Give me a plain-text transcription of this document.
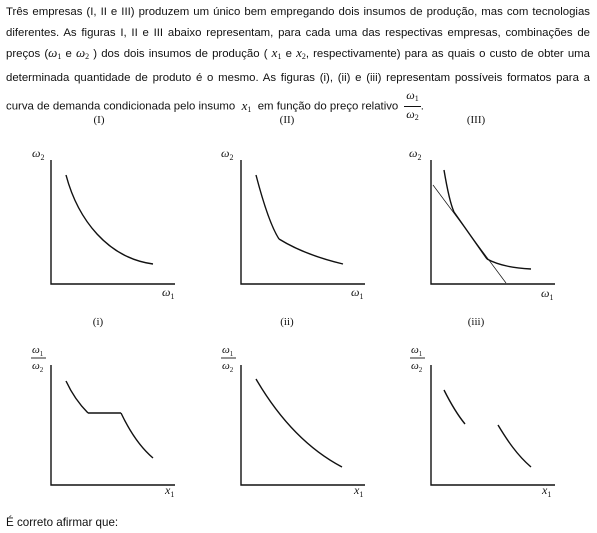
Três empresas (I, II e III) produzem um único bem empregando dois insumos de produção, mas com tecnologias
diferentes. As figuras I, II e III abaixo representam, para cada uma das respectivas empresas, combinações de
preços ($\omega_1$ e $\omega_2$ ) dos dois insumos de produção ( $x_1$ e $x_2$, respectivamente) para as quais o custo de obter uma
determinada quantidade de produto é o mesmo. As figuras (i), (ii) e (iii) representam possíveis formatos para a
curva de demanda condicionada pelo insumo $x_1$ em função do preço relativo $\frac{\omega_1}{\omega_2}$ .
(I)	(II)	(III)
$\omega_2$
$\omega_1$
$\omega_2$
$\omega_1$
$\omega_2$
$\omega_1$
(i)	(ii)	(iii)
$\omega_1$
$\omega_2$
$x_1$
$\omega_1$
$\omega_2$
$x_1$
$\omega_1$
$\omega_2$
$x_1$
É correto afirmar que:
